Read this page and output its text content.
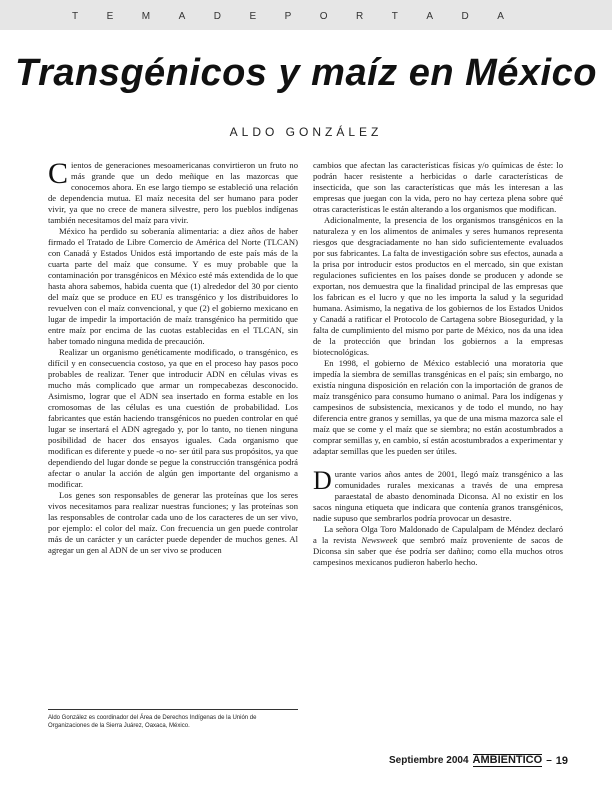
T	E	M	A	D	E	P	O	R	T	A	D	A
Transgénicos y maíz en México
ALDO GONZÁLEZ

Cientos de generaciones mesoamericanas convirtieron un fruto no más grande que un dedo meñique en las mazorcas que conocemos ahora. En ese largo tiempo se estableció una relación de dependencia mutua. El maíz necesita del ser humano para poder vivir, ya que no crece de manera silvestre, pero los pueblos indígenas también necesitamos del maíz para vivir.

México ha perdido su soberanía alimentaria: a diez años de haber firmado el Tratado de Libre Comercio de América del Norte (TLCAN) con Canadá y Estados Unidos está importando de este país más de la cuarta parte del maíz que consume. Y es muy probable que la contaminación por transgénicos en México esté más extendida de lo que hasta ahora sabemos, habida cuenta que (1) alrededor del 30 por ciento del maíz que se produce en EU es transgénico y los distribuidores lo revuelven con el maíz convencional, y que (2) el gobierno mexicano en lugar de impedir la importación de maíz transgénico ha permitido que entre maíz por encima de las cuotas establecidas en el TLCAN, sin haber tomado ninguna medida de precaución.

Realizar un organismo genéticamente modificado, o transgénico, es difícil y en consecuencia costoso, ya que en el proceso hay pasos poco probables de realizar. Tener que introducir ADN en células vivas es mucho más complicado que armar un rompecabezas desconocido. Asimismo, lograr que el ADN sea insertado en forma estable en los cromosomas de las células es una cuestión de probabilidad. Los fabricantes que están haciendo transgénicos no pueden controlar en qué lugar se insertará el ADN agregado y, por lo tanto, no tienen ninguna posibilidad de hacer dos ensayos iguales. Cada organismo que modifican es diferente y puede -o no- ser útil para sus propósitos, ya que dependiendo del lugar donde se pegue la construcción transgénica podrá afectar o anular la acción de algún gen importante del organismo a modificar.

Los genes son responsables de generar las proteínas que los seres vivos necesitamos para realizar nuestras funciones; y las proteínas son las responsables de controlar cada uno de los caracteres de un ser vivo, por ejemplo: el color del maíz. Con frecuencia un gen puede controlar más de un carácter y un carácter puede depender de muchos genes. Al agregar un gen al ADN de un ser vivo se producen

cambios que afectan las características físicas y/o químicas de éste: lo podrán hacer resistente a herbicidas o darle características de insecticida, que son las características que más les interesan a las empresas que juegan con la vida, pero no hay certeza plena sobre qué otras características le están alterando a los organismos que modifican.

Adicionalmente, la presencia de los organismos transgénicos en la naturaleza y en los alimentos de animales y seres humanos representa riesgos que desgraciadamente no han sido suficientemente evaluados por sus fabricantes. La falta de investigación sobre sus efectos, aunada a la prisa por introducir estos productos en el mercado, sin que existan regulaciones suficientes en los países donde se producen y adonde se exportan, nos demuestra que la finalidad principal de las empresas que los fabrican es el lucro y que no les importa la salud y la seguridad humana. Asimismo, la negativa de los gobiernos de los Estados Unidos y Canadá a ratificar el Protocolo de Cartagena sobre Bioseguridad, y la falta de cumplimiento del mismo por parte de México, nos da una idea de la protección que brindan los gobiernos a la empresas biotecnológicas.

En 1998, el gobierno de México estableció una moratoria que impedía la siembra de semillas transgénicas en el país; sin embargo, no existía ninguna disposición en relación con la importación de granos de maíz transgénico para consumo humano o animal. Para los indígenas y campesinos de subsistencia, mexicanos y de todo el mundo, no hay diferencia entre granos y semillas, ya que de una misma mazorca sale el maíz que se come y el maíz que se siembra; no están acostumbrados a comprar semillas y, en cambio, sí están acostumbrados a experimentar y adaptar semillas que les pueden ser útiles.

Durante varios años antes de 2001, llegó maíz transgénico a las comunidades rurales mexicanas a través de una empresa paraestatal de abasto denominada Diconsa. Al no existir en los sacos ninguna etiqueta que indicara que contenía granos transgénicos, nadie supuso que sembrarlos podría provocar un desastre.

La señora Olga Toro Maldonado de Capulalpam de Méndez declaró a la revista Newsweek que sembró maíz proveniente de sacos de Diconsa sin saber que ése podría ser dañino; como ella muchos otros campesinos mexicanos pudieron haberlo hecho.

Aldo González es coordinador del Área de Derechos Indígenas de la Unión de Organizaciones de la Sierra Juárez, Oaxaca, México.
Septiembre 2004 AMBIENTICO – 19
